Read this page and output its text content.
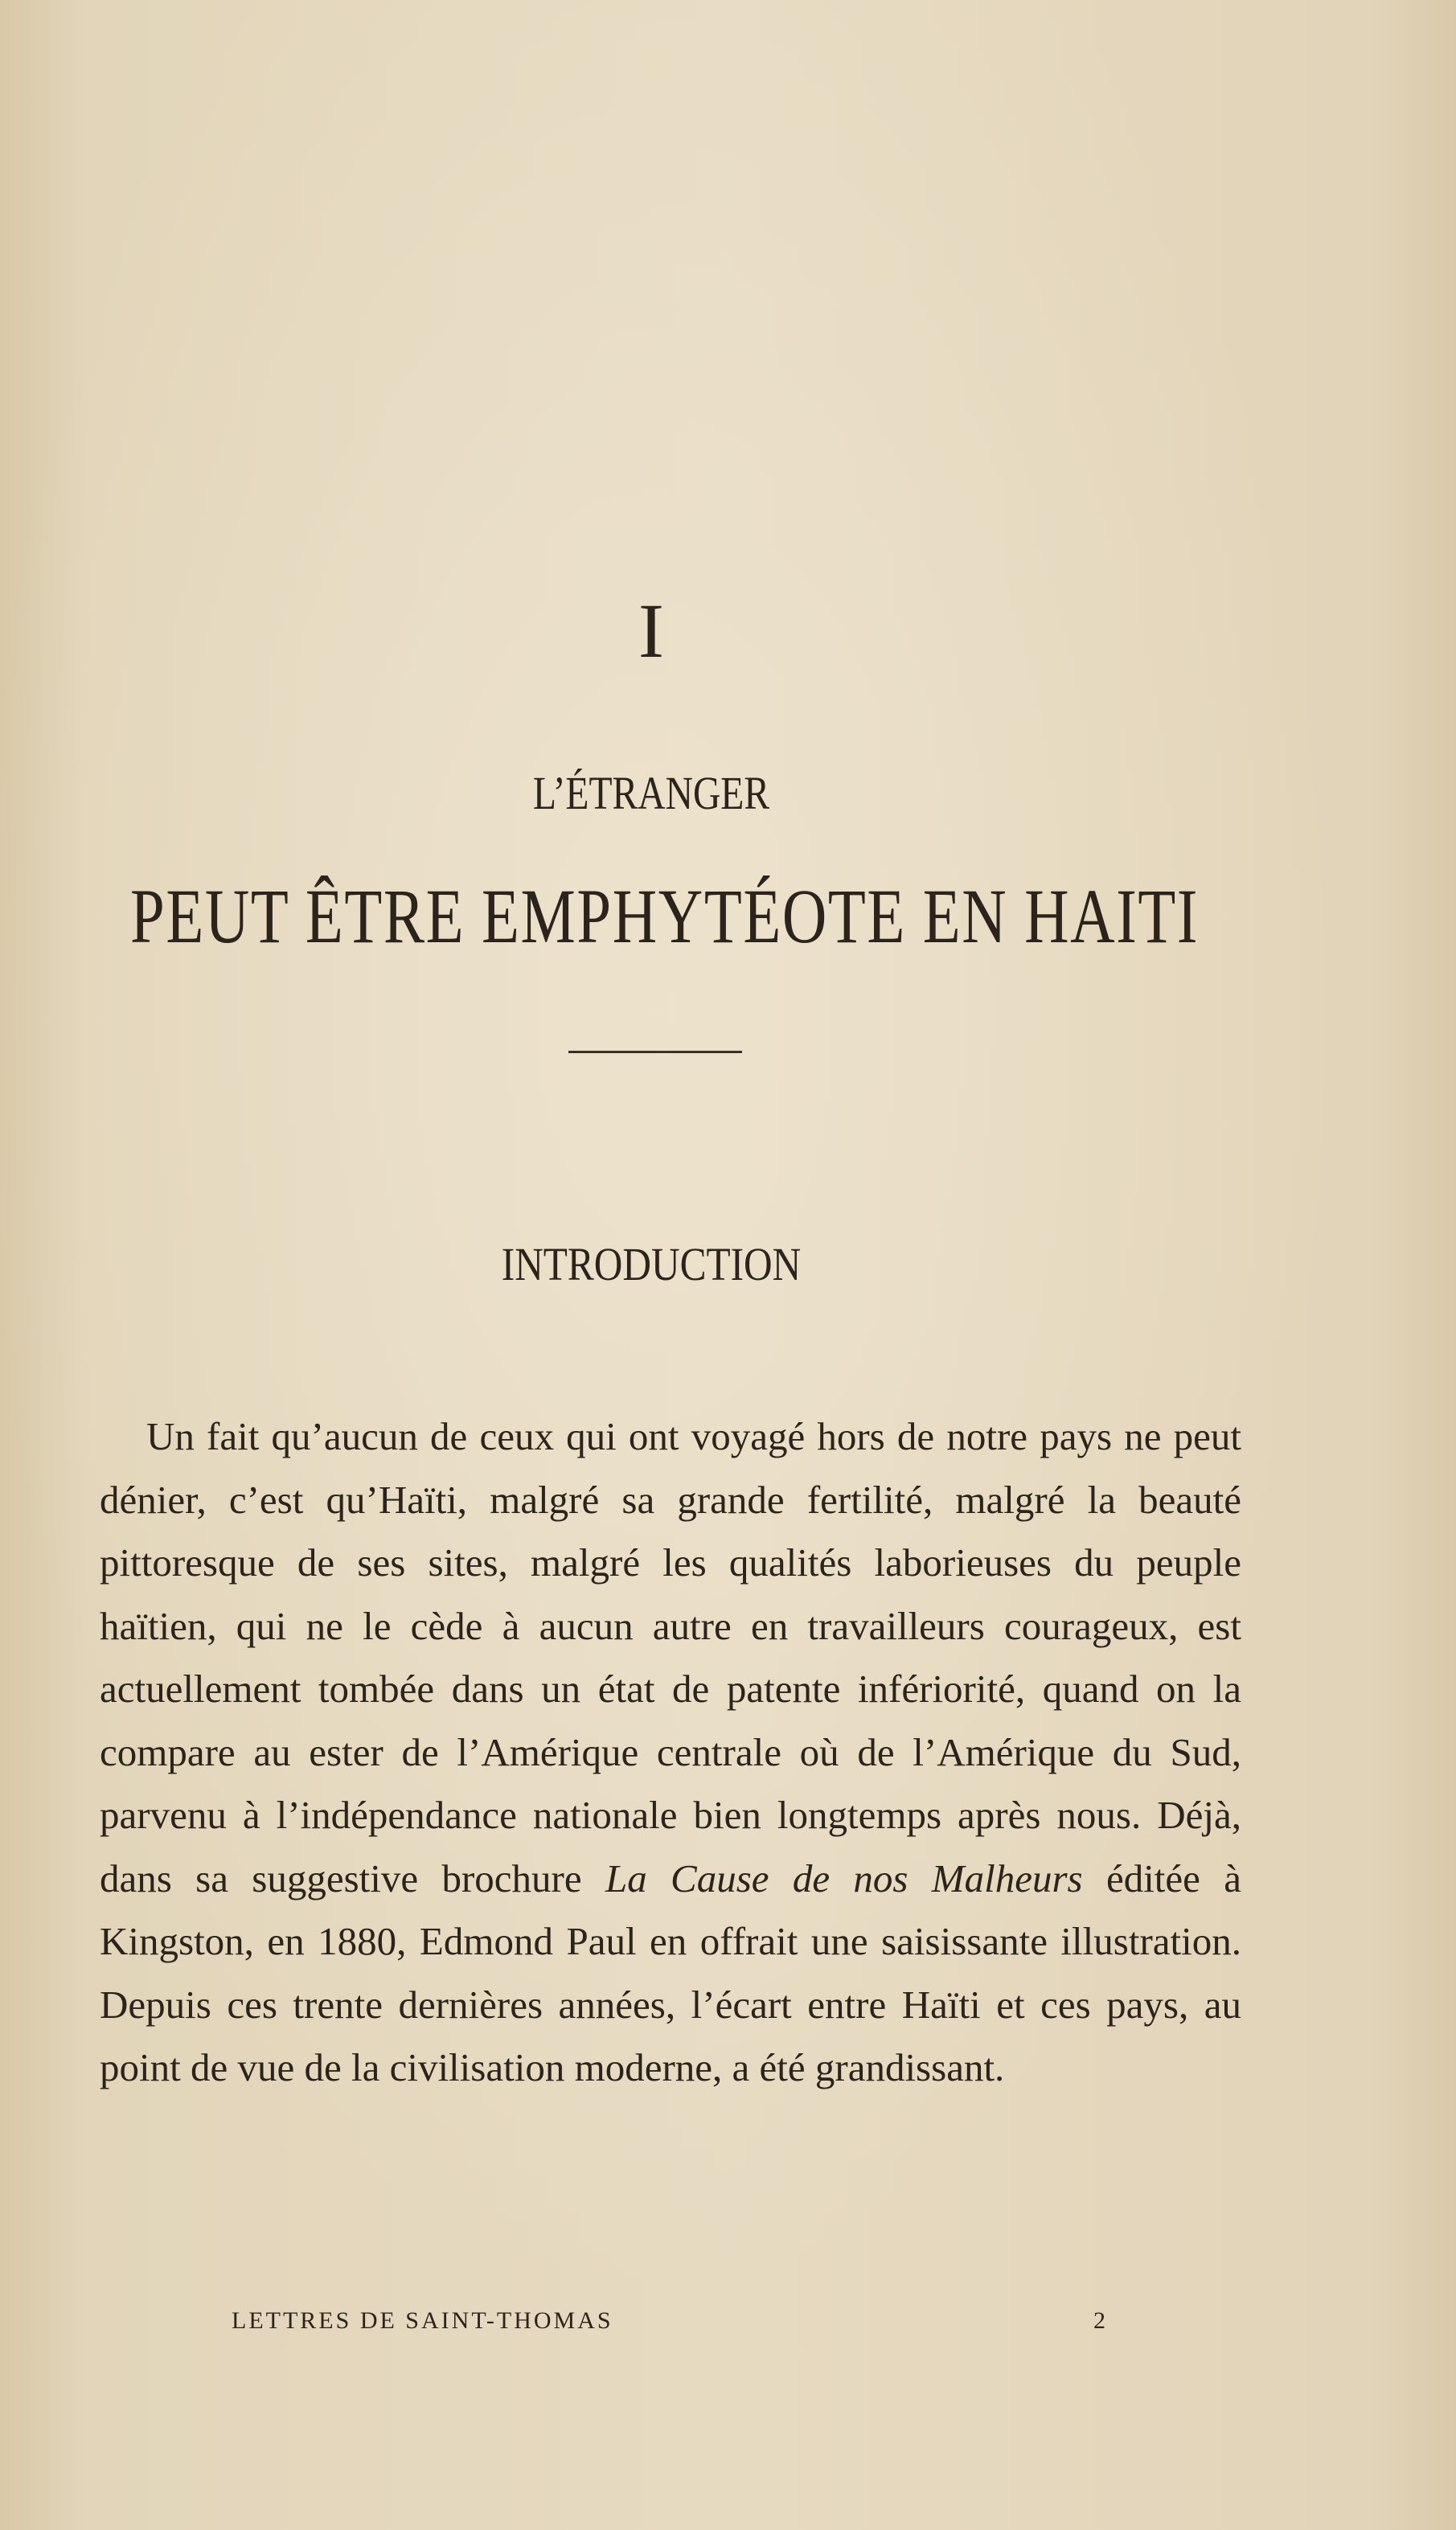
I
L’ÉTRANGER
PEUT ÊTRE EMPHYTÉOTE EN HAITI
INTRODUCTION

Un fait qu’aucun de ceux qui ont voyagé hors de notre pays ne peut dénier, c’est qu’Haïti, malgré sa grande fertilité, malgré la beauté pittoresque de ses sites, malgré les qualités laborieuses du peuple haïtien, qui ne le cède à aucun autre en travailleurs courageux, est actuellement tombée dans un état de patente infériorité, quand on la compare au ester de l’Amérique centrale où de l’Amérique du Sud, parvenu à l’indépendance nationale bien longtemps après nous. Déjà, dans sa suggestive brochure La Cause de nos Malheurs éditée à Kingston, en 1880, Edmond Paul en offrait une saisissante illustration. Depuis ces trente dernières années, l’écart entre Haïti et ces pays, au point de vue de la civilisation moderne, a été grandissant.

LETTRES DE SAINT-THOMAS	2
